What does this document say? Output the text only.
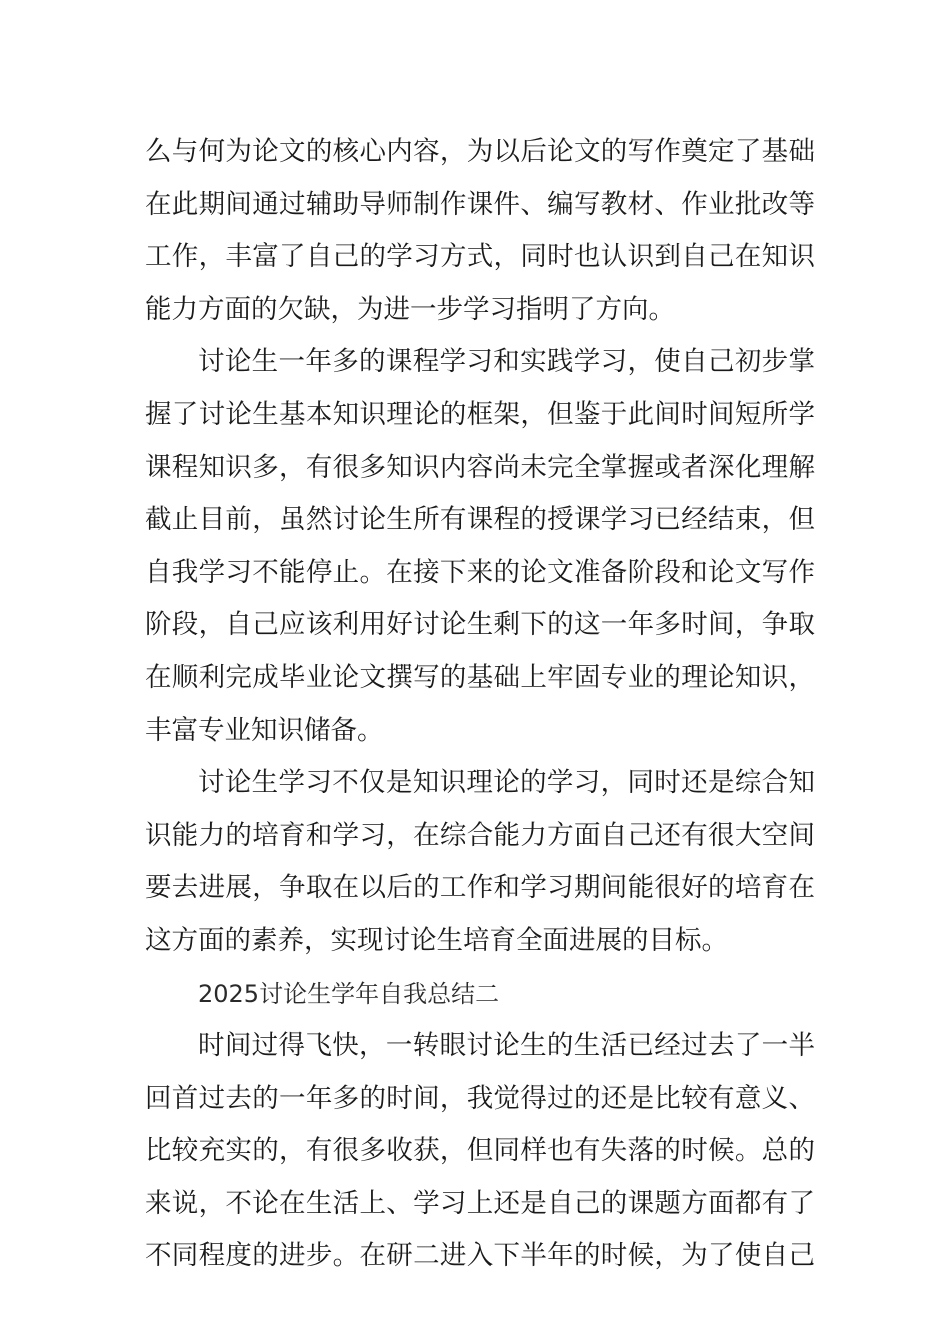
么与何为论文的核心内容，为以后论文的写作奠定了基础
在此期间通过辅助导师制作课件、编写教材、作业批改等
工作，丰富了自己的学习方式，同时也认识到自己在知识
能力方面的欠缺，为进一步学习指明了方向。
讨论生一年多的课程学习和实践学习，使自己初步掌
握了讨论生基本知识理论的框架，但鉴于此间时间短所学
课程知识多，有很多知识内容尚未完全掌握或者深化理解
截止目前，虽然讨论生所有课程的授课学习已经结束，但
自我学习不能停止。在接下来的论文准备阶段和论文写作
阶段，自己应该利用好讨论生剩下的这一年多时间，争取
在顺利完成毕业论文撰写的基础上牢固专业的理论知识，
丰富专业知识储备。
讨论生学习不仅是知识理论的学习，同时还是综合知
识能力的培育和学习，在综合能力方面自己还有很大空间
要去进展，争取在以后的工作和学习期间能很好的培育在
这方面的素养，实现讨论生培育全面进展的目标。
2025讨论生学年自我总结二
时间过得飞快，一转眼讨论生的生活已经过去了一半
回首过去的一年多的时间，我觉得过的还是比较有意义、
比较充实的，有很多收获，但同样也有失落的时候。总的
来说，不论在生活上、学习上还是自己的课题方面都有了
不同程度的进步。在研二进入下半年的时候，为了使自己
